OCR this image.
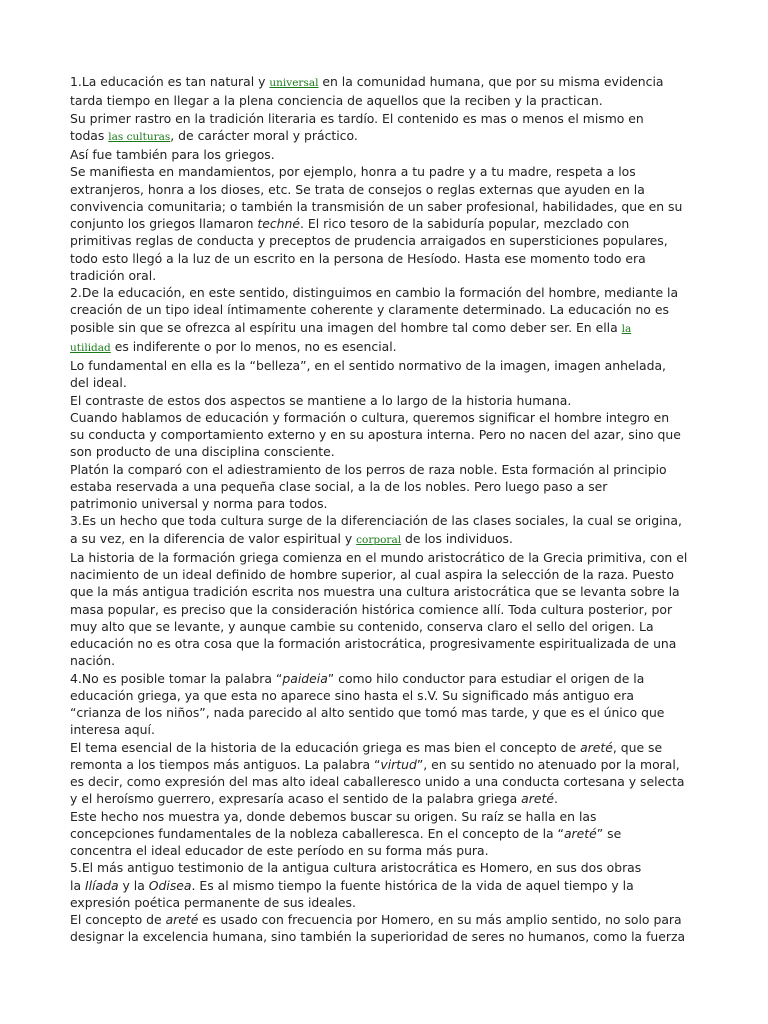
1.La educación es tan natural y universal en la comunidad humana, que por su misma evidencia

tarda tiempo en llegar a la plena conciencia de aquellos que la reciben y la practican.

Su primer rastro en la tradición literaria es tardío. El contenido es mas o menos el mismo en

todas las culturas, de carácter moral y práctico.

Así fue también para los griegos.

Se manifiesta en mandamientos, por ejemplo, honra a tu padre y a tu madre, respeta a los

extranjeros, honra a los dioses, etc. Se trata de consejos o reglas externas que ayuden en la

convivencia comunitaria; o también la transmisión de un saber profesional, habilidades, que en su

conjunto los griegos llamaron techné. El rico tesoro de la sabiduría popular, mezclado con

primitivas reglas de conducta y preceptos de prudencia arraigados en supersticiones populares,

todo esto llegó a la luz de un escrito en la persona de Hesíodo. Hasta ese momento todo era

tradición oral.

2.De la educación, en este sentido, distinguimos en cambio la formación del hombre, mediante la

creación de un tipo ideal íntimamente coherente y claramente determinado. La educación no es

posible sin que se ofrezca al espíritu una imagen del hombre tal como deber ser. En ella la

utilidad es indiferente o por lo menos, no es esencial.

Lo fundamental en ella es la “belleza”, en el sentido normativo de la imagen, imagen anhelada,

del ideal.

El contraste de estos dos aspectos se mantiene a lo largo de la historia humana.

Cuando hablamos de educación y formación o cultura, queremos significar el hombre integro en

su conducta y comportamiento externo y en su apostura interna. Pero no nacen del azar, sino que

son producto de una disciplina consciente.

Platón la comparó con el adiestramiento de los perros de raza noble. Esta formación al principio

estaba reservada a una pequeña clase social, a la de los nobles. Pero luego paso a ser

patrimonio universal y norma para todos.

3.Es un hecho que toda cultura surge de la diferenciación de las clases sociales, la cual se origina,

a su vez, en la diferencia de valor espiritual y corporal de los individuos.

La historia de la formación griega comienza en el mundo aristocrático de la Grecia primitiva, con el

nacimiento de un ideal definido de hombre superior, al cual aspira la selección de la raza. Puesto

que la más antigua tradición escrita nos muestra una cultura aristocrática que se levanta sobre la

masa popular, es preciso que la consideración histórica comience allí. Toda cultura posterior, por

muy alto que se levante, y aunque cambie su contenido, conserva claro el sello del origen. La

educación no es otra cosa que la formación aristocrática, progresivamente espiritualizada de una

nación.

4.No es posible tomar la palabra “paideia” como hilo conductor para estudiar el origen de la

educación griega, ya que esta no aparece sino hasta el s.V. Su significado más antiguo era

“crianza de los niños”, nada parecido al alto sentido que tomó mas tarde, y que es el único que

interesa aquí.

El tema esencial de la historia de la educación griega es mas bien el concepto de areté, que se

remonta a los tiempos más antiguos. La palabra “virtud”, en su sentido no atenuado por la moral,

es decir, como expresión del mas alto ideal caballeresco unido a una conducta cortesana y selecta

y el heroísmo guerrero, expresaría acaso el sentido de la palabra griega areté.

Este hecho nos muestra ya, donde debemos buscar su origen. Su raíz se halla en las

concepciones fundamentales de la nobleza caballeresca. En el concepto de la “areté” se

concentra el ideal educador de este período en su forma más pura.

5.El más antiguo testimonio de la antigua cultura aristocrática es Homero, en sus dos obras

la Ilíada y la Odisea. Es al mismo tiempo la fuente histórica de la vida de aquel tiempo y la

expresión poética permanente de sus ideales.

El concepto de areté es usado con frecuencia por Homero, en su más amplio sentido, no solo para

designar la excelencia humana, sino también la superioridad de seres no humanos, como la fuerza
